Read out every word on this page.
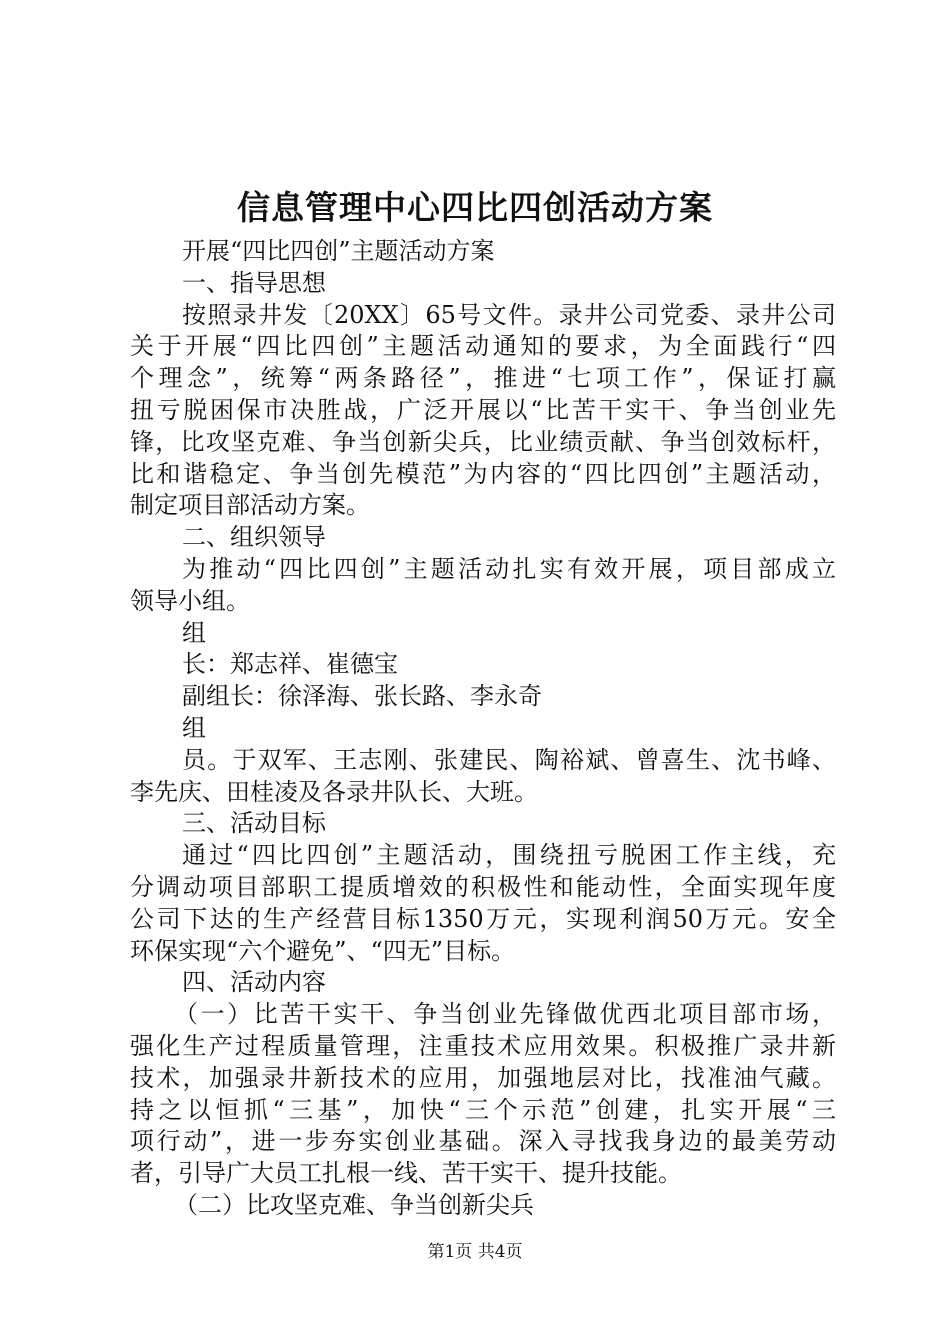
信息管理中心四比四创活动方案
开展“四比四创”主题活动方案
一、指导思想
按照录井发〔20XX〕65号文件。录井公司党委、录井公司
关于开展“四比四创”主题活动通知的要求，为全面践行“四
个理念”，统筹“两条路径”，推进“七项工作”，保证打赢
扭亏脱困保市决胜战，广泛开展以“比苦干实干、争当创业先
锋，比攻坚克难、争当创新尖兵，比业绩贡献、争当创效标杆，
比和谐稳定、争当创先模范”为内容的“四比四创”主题活动，
制定项目部活动方案。
二、组织领导
为推动“四比四创”主题活动扎实有效开展，项目部成立
领导小组。
组
长：郑志祥、崔德宝
副组长：徐泽海、张长路、李永奇
组
员。于双军、王志刚、张建民、陶裕斌、曾喜生、沈书峰、
李先庆、田桂凌及各录井队长、大班。
三、活动目标
通过“四比四创”主题活动，围绕扭亏脱困工作主线，充
分调动项目部职工提质增效的积极性和能动性，全面实现年度
公司下达的生产经营目标1350万元，实现利润50万元。安全
环保实现“六个避免”、“四无”目标。
四、活动内容
（一）比苦干实干、争当创业先锋做优西北项目部市场，
强化生产过程质量管理，注重技术应用效果。积极推广录井新
技术，加强录井新技术的应用，加强地层对比，找准油气藏。
持之以恒抓“三基”，加快“三个示范”创建，扎实开展“三
项行动”，进一步夯实创业基础。深入寻找我身边的最美劳动
者，引导广大员工扎根一线、苦干实干、提升技能。
（二）比攻坚克难、争当创新尖兵
第1页 共4页
